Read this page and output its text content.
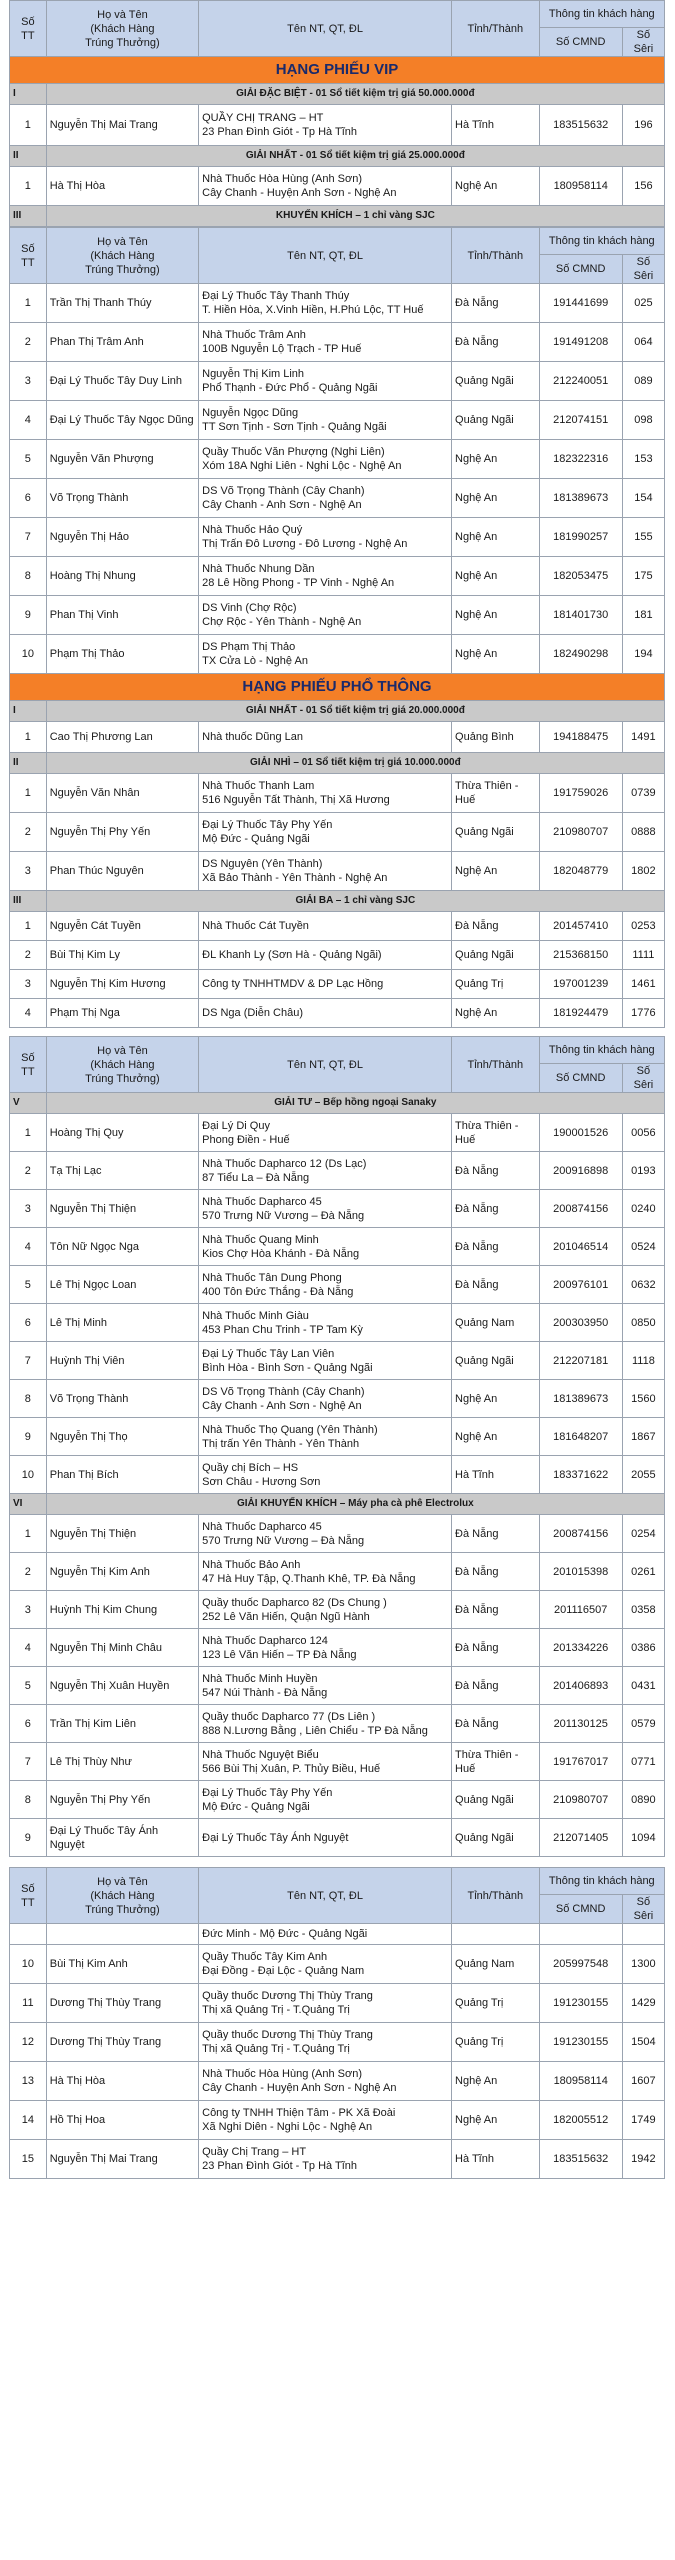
Số TT	Họ và Tên
(Khách Hàng
Trúng Thưởng)	Tên NT, QT, ĐL	Tỉnh/Thành	Thông tin khách hàng	
				Số CMND	Số Sêri
HẠNG PHIẾU VIP					
I	GIẢI ĐẶC BIỆT - 01 Sổ tiết kiệm trị giá 50.000.000đ				
1	Nguyễn Thị Mai Trang	QUẦY CHỊ TRANG – HT
23 Phan Đình Giót - Tp Hà Tĩnh	Hà Tĩnh	183515632	196
II	GIẢI NHẤT - 01 Sổ tiết kiệm trị giá 25.000.000đ				
1	Hà Thị Hòa	Nhà Thuốc Hòa Hùng (Anh Sơn)
Cây Chanh - Huyện Anh Sơn - Nghệ An	Nghệ An	180958114	156
III	KHUYẾN KHÍCH – 1 chỉ vàng SJC				
Số TT	Họ và Tên
(Khách Hàng
Trúng Thưởng)	Tên NT, QT, ĐL	Tỉnh/Thành	Thông tin khách hàng	
				Số CMND	Số Sêri
1	Trần Thị Thanh Thúy	Đại Lý Thuốc Tây Thanh Thúy
T. Hiền Hòa, X.Vinh Hiền, H.Phú Lộc, TT Huế	Đà Nẵng	191441699	025
2	Phan Thị Trâm Anh	Nhà Thuốc Trâm Anh
100B Nguyễn Lộ Trạch - TP Huế	Đà Nẵng	191491208	064
3	Đại Lý Thuốc Tây Duy Linh	Nguyễn Thị Kim Linh
Phổ Thạnh - Đức Phổ - Quảng Ngãi	Quảng Ngãi	212240051	089
4	Đại Lý Thuốc Tây Ngọc Dũng	Nguyễn Ngọc Dũng
TT Sơn Tịnh - Sơn Tịnh - Quảng Ngãi	Quảng Ngãi	212074151	098
5	Nguyễn Văn Phượng	Quầy Thuốc Văn Phượng (Nghi Liên)
Xóm 18A Nghi Liên - Nghi Lộc - Nghệ An	Nghệ An	182322316	153
6	Võ Trọng Thành	DS Võ Trọng Thành (Cây Chanh)
Cây Chanh - Anh Sơn - Nghệ An	Nghệ An	181389673	154
7	Nguyễn Thị Hảo	Nhà Thuốc Hảo Quý
Thị Trấn Đô Lương - Đô Lương - Nghệ An	Nghệ An	181990257	155
8	Hoàng Thị Nhung	Nhà Thuốc Nhung Dần
28 Lê Hồng Phong - TP Vinh - Nghệ An	Nghệ An	182053475	175
9	Phan Thị Vinh	DS Vinh (Chợ Rộc)
Chợ Rộc - Yên Thành - Nghệ An	Nghệ An	181401730	181
10	Phạm Thị Thảo	DS Phạm Thị Thảo
TX Cửa Lò - Nghệ An	Nghệ An	182490298	194
HẠNG PHIẾU PHỔ THÔNG					
I	GIẢI NHẤT - 01 Sổ tiết kiệm trị giá 20.000.000đ				
1	Cao Thị Phương Lan	Nhà thuốc Dũng Lan	Quảng Bình	194188475	1491
II	GIẢI NHÌ – 01 Sổ tiết kiệm trị giá 10.000.000đ				
1	Nguyễn Văn Nhân	Nhà Thuốc Thanh Lam
516 Nguyễn Tất Thành, Thị Xã Hương	Thừa Thiên - Huế	191759026	0739
2	Nguyễn Thị Phy Yến	Đại Lý Thuốc Tây Phy Yến
Mộ Đức - Quảng Ngãi	Quảng Ngãi	210980707	0888
3	Phan Thúc Nguyên	DS Nguyên (Yên Thành)
Xã Bảo Thành - Yên Thành - Nghệ An	Nghệ An	182048779	1802
III	GIẢI BA – 1 chỉ vàng SJC				
1	Nguyễn Cát Tuyền	Nhà Thuốc Cát Tuyền	Đà Nẵng	201457410	0253
2	Bùi Thị Kim Ly	ĐL Khanh Ly (Sơn Hà - Quảng Ngãi)	Quảng Ngãi	215368150	1111
3	Nguyễn Thị Kim Hương	Công ty TNHHTMDV & DP Lạc Hồng	Quảng Trị	197001239	1461
4	Phạm Thị Nga	DS Nga (Diễn Châu)	Nghệ An	181924479	1776
Số TT	Họ và Tên
(Khách Hàng
Trúng Thưởng)	Tên NT, QT, ĐL	Tỉnh/Thành	Thông tin khách hàng	
				Số CMND	Số Sêri
V	GIẢI TƯ – Bếp hồng ngoại Sanaky				
1	Hoàng Thị Quy	Đại Lý Di Quy
Phong Điền - Huế	Thừa Thiên - Huế	190001526	0056
2	Tạ Thị Lạc	Nhà Thuốc Dapharco 12 (Ds Lạc)
87 Tiểu La – Đà Nẵng	Đà Nẵng	200916898	0193
3	Nguyễn Thị Thiện	Nhà Thuốc Dapharco 45
570 Trưng Nữ Vương – Đà Nẵng	Đà Nẵng	200874156	0240
4	Tôn Nữ Ngọc Nga	Nhà Thuốc Quang Minh
Kios Chợ Hòa Khánh - Đà Nẵng	Đà Nẵng	201046514	0524
5	Lê Thị Ngọc Loan	Nhà Thuốc Tân Dung Phong
400 Tôn Đức Thắng - Đà Nẵng	Đà Nẵng	200976101	0632
6	Lê Thị Minh	Nhà Thuốc Minh Giàu
453 Phan Chu Trinh - TP Tam Kỳ	Quảng Nam	200303950	0850
7	Huỳnh Thị Viên	Đại Lý Thuốc Tây Lan Viên
Bình Hòa - Bình Sơn - Quảng Ngãi	Quảng Ngãi	212207181	1118
8	Võ Trọng Thành	DS Võ Trọng Thành (Cây Chanh)
Cây Chanh - Anh Sơn - Nghệ An	Nghệ An	181389673	1560
9	Nguyễn Thị Thọ	Nhà Thuốc Thọ Quang (Yên Thành)
Thị trấn Yên Thành - Yên Thành	Nghệ An	181648207	1867
10	Phan Thị Bích	Quầy chị Bích – HS
Sơn Châu - Hương Sơn	Hà Tĩnh	183371622	2055
VI	GIẢI KHUYẾN KHÍCH – Máy pha cà phê Electrolux				
1	Nguyễn Thị Thiện	Nhà Thuốc Dapharco 45
570 Trưng Nữ Vương – Đà Nẵng	Đà Nẵng	200874156	0254
2	Nguyễn Thị Kim Anh	Nhà Thuốc Bảo Anh
47 Hà Huy Tập, Q.Thanh Khê, TP. Đà Nẵng	Đà Nẵng	201015398	0261
3	Huỳnh Thị Kim Chung	Quầy thuốc Dapharco 82 (Ds Chung )
252 Lê Văn Hiến, Quận Ngũ Hành	Đà Nẵng	201116507	0358
4	Nguyễn Thị Minh Châu	Nhà Thuốc Dapharco 124
123 Lê Văn Hiến – TP Đà Nẵng	Đà Nẵng	201334226	0386
5	Nguyễn Thị Xuân Huyền	Nhà Thuốc Minh Huyền
547 Núi Thành - Đà Nẵng	Đà Nẵng	201406893	0431
6	Trần Thị Kim Liên	Quầy thuốc Dapharco 77 (Ds Liên )
888 N.Lương Bằng , Liên Chiểu - TP Đà Nẵng	Đà Nẵng	201130125	0579
7	Lê Thị Thùy Như	Nhà Thuốc Nguyệt Biểu
566 Bùi Thị Xuân, P. Thủy Biều, Huế	Thừa Thiên - Huế	191767017	0771
8	Nguyễn Thị Phy Yến	Đại Lý Thuốc Tây Phy Yến
Mộ Đức - Quảng Ngãi	Quảng Ngãi	210980707	0890
9	Đại Lý Thuốc Tây Ánh Nguyệt	Đại Lý Thuốc Tây Ánh Nguyệt	Quảng Ngãi	212071405	1094
Số TT	Họ và Tên
(Khách Hàng
Trúng Thưởng)	Tên NT, QT, ĐL	Tỉnh/Thành	Thông tin khách hàng	
				Số CMND	Số Sêri
		Đức Minh - Mộ Đức - Quảng Ngãi			
10	Bùi Thị Kim Anh	Quầy Thuốc Tây Kim Anh
Đại Đồng - Đại Lộc - Quảng Nam	Quảng Nam	205997548	1300
11	Dương Thị Thùy Trang	Quầy thuốc Dương Thị Thùy Trang
Thị xã Quảng Trị - T.Quảng Trị	Quảng Trị	191230155	1429
12	Dương Thị Thùy Trang	Quầy thuốc Dương Thị Thùy Trang
Thị xã Quảng Trị - T.Quảng Trị	Quảng Trị	191230155	1504
13	Hà Thị Hòa	Nhà Thuốc Hòa Hùng (Anh Sơn)
Cây Chanh - Huyện Anh Sơn - Nghệ An	Nghệ An	180958114	1607
14	Hồ Thị Hoa	Công ty TNHH Thiện Tâm - PK Xã Đoài
Xã Nghi Diên - Nghi Lộc - Nghệ An	Nghệ An	182005512	1749
15	Nguyễn Thị Mai Trang	Quầy Chị Trang – HT
23 Phan Đình Giót - Tp Hà Tĩnh	Hà Tĩnh	183515632	1942
